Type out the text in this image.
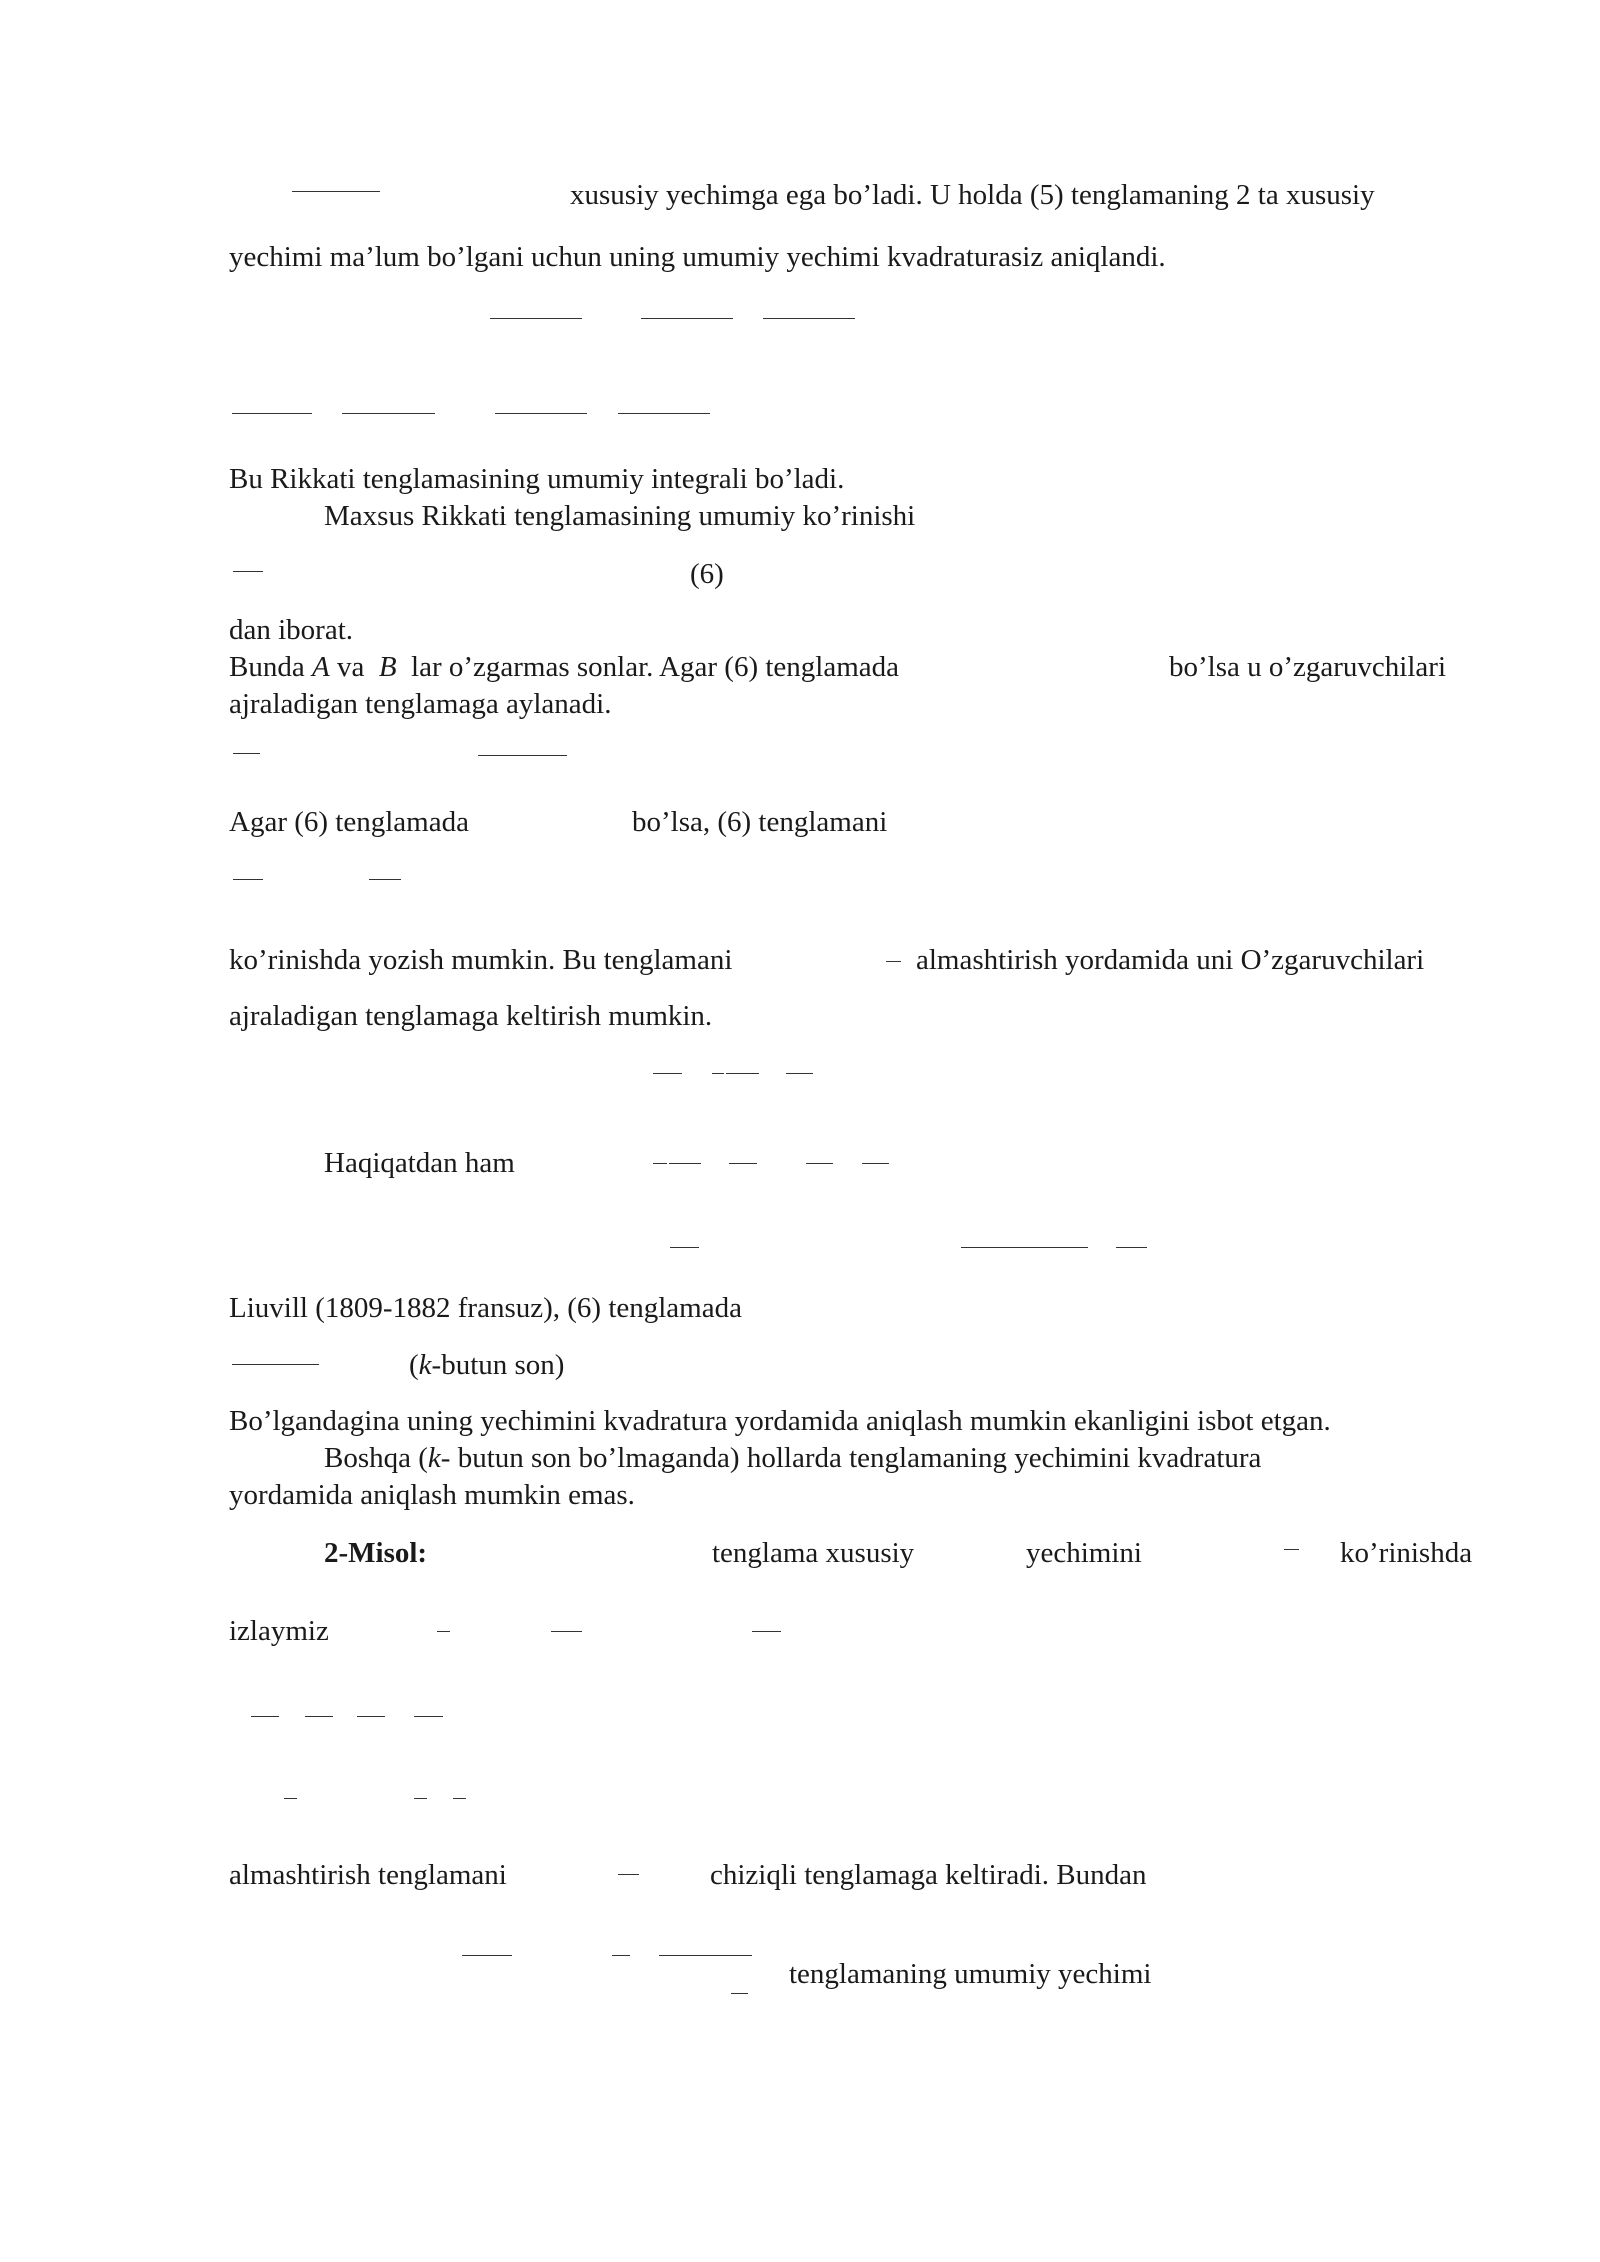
xususiy yechimga ega bo’ladi. U holda (5) tenglamaning 2 ta xususiy
yechimi ma’lum bo’lgani uchun uning umumiy yechimi kvadraturasiz aniqlandi.
Bu Rikkati tenglamasining umumiy integrali bo’ladi.
Maxsus Rikkati tenglamasining umumiy ko’rinishi
(6)
dan iborat.
Bunda A va B lar o’zgarmas sonlar. Agar (6) tenglamada	bo’lsa u o’zgaruvchilari
ajraladigan tenglamaga aylanadi.
Agar (6) tenglamada	bo’lsa, (6) tenglamani
ko’rinishda yozish mumkin. Bu tenglamani	almashtirish yordamida uni O’zgaruvchilari
ajraladigan tenglamaga keltirish mumkin.
Haqiqatdan ham
Liuvill (1809-1882 fransuz), (6) tenglamada
(k-butun son)
Bo’lgandagina uning yechimini kvadratura yordamida aniqlash mumkin ekanligini isbot etgan.
Boshqa (k- butun son bo’lmaganda) hollarda tenglamaning yechimini kvadratura
yordamida aniqlash mumkin emas.
2-Misol:	tenglama xususiy	yechimini	ko’rinishda
izlaymiz
almashtirish tenglamani	chiziqli tenglamaga keltiradi. Bundan
tenglamaning umumiy yechimi
